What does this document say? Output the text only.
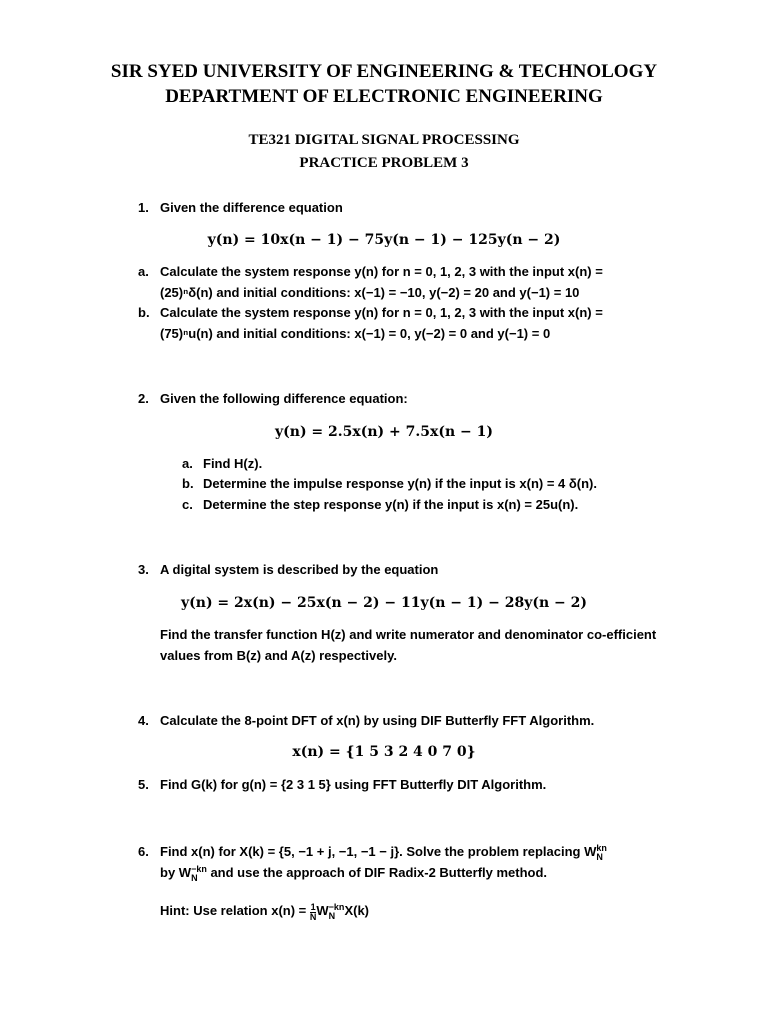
SIR SYED UNIVERSITY OF ENGINEERING & TECHNOLOGY
DEPARTMENT OF ELECTRONIC ENGINEERING
TE321 DIGITAL SIGNAL PROCESSING
PRACTICE PROBLEM 3
1. Given the difference equation
y(n) = 10x(n − 1) − 75y(n − 1) − 125y(n − 2)
a. Calculate the system response y(n) for n = 0, 1, 2, 3 with the input x(n) =
(25)ⁿδ(n) and initial conditions: x(−1) = −10, y(−2) = 20 and y(−1) = 10
b. Calculate the system response y(n) for n = 0, 1, 2, 3 with the input x(n) =
(75)ⁿu(n) and initial conditions: x(−1) = 0, y(−2) = 0 and y(−1) = 0
2. Given the following difference equation:
y(n) = 2.5x(n) + 7.5x(n − 1)
a. Find H(z).
b. Determine the impulse response y(n) if the input is x(n) = 4 δ(n).
c. Determine the step response y(n) if the input is x(n) = 25u(n).
3. A digital system is described by the equation
y(n) = 2x(n) − 25x(n − 2) − 11y(n − 1) − 28y(n − 2)
Find the transfer function H(z) and write numerator and denominator co-efficient
values from B(z) and A(z) respectively.
4. Calculate the 8-point DFT of x(n) by using DIF Butterfly FFT Algorithm.
x(n) = {1 5 3 2 4 0 7 0}
5. Find G(k) for g(n) = {2 3 1 5} using FFT Butterfly DIT Algorithm.
6. Find x(n) for X(k) = {5, −1 + j, −1, −1 − j}. Solve the problem replacing W kn
N
by W −kn
N and use the approach of DIF Radix-2 Butterfly method.
Hint: Use relation $x(n) = \frac{1}{N}$ W −kn
N X(k)
